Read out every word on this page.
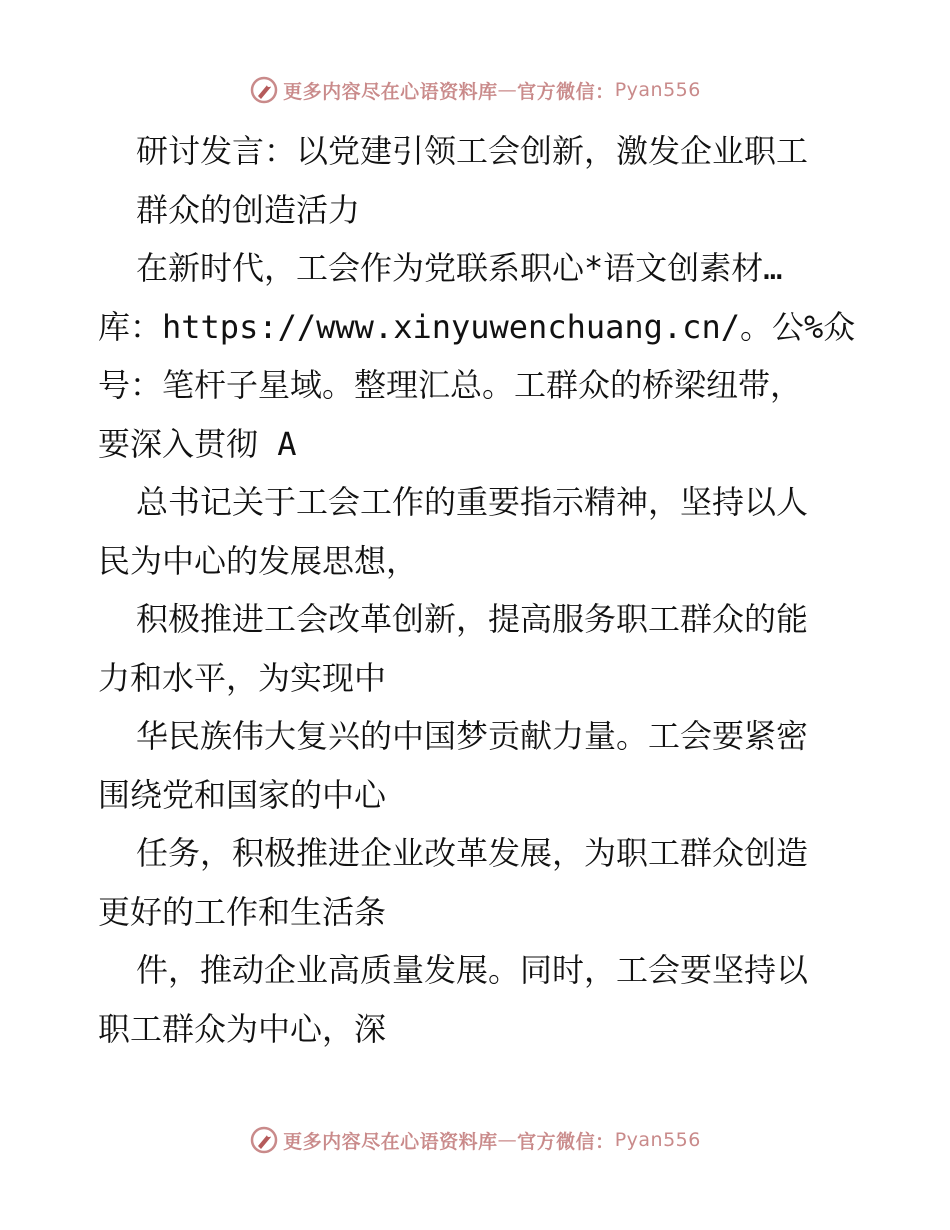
更多内容尽在心语资料库 — 官方微信： Pyan556
研讨发言：以党建引领工会创新，激发企业职工
群众的创造活力
在新时代，工会作为党联系职心*语文创素材…
库：https://www.xinyuwenchuang.cn/。公%众
号：笔杆子星域。整理汇总。工群众的桥梁纽带，
要深入贯彻 A
总书记关于工会工作的重要指示精神，坚持以人
民为中心的发展思想，
积极推进工会改革创新，提高服务职工群众的能
力和水平，为实现中
华民族伟大复兴的中国梦贡献力量。工会要紧密
围绕党和国家的中心
任务，积极推进企业改革发展，为职工群众创造
更好的工作和生活条
件，推动企业高质量发展。同时，工会要坚持以
职工群众为中心，深
更多内容尽在心语资料库 — 官方微信： Pyan556
